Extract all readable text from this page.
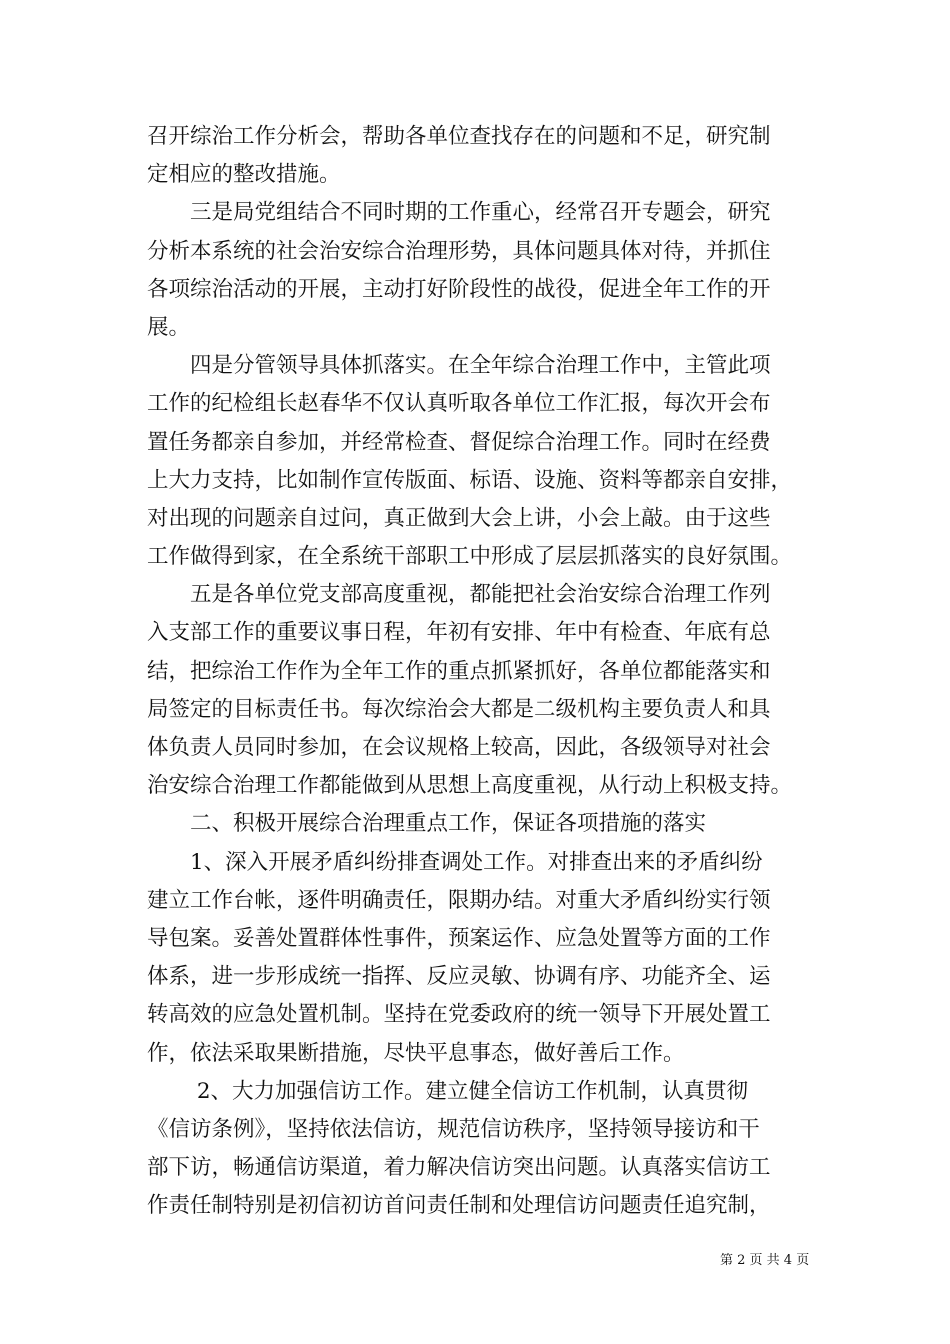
召开综治工作分析会，帮助各单位查找存在的问题和不足，研究制
定相应的整改措施。
　　三是局党组结合不同时期的工作重心，经常召开专题会，研究
分析本系统的社会治安综合治理形势，具体问题具体对待，并抓住
各项综治活动的开展，主动打好阶段性的战役，促进全年工作的开
展。
　　四是分管领导具体抓落实。在全年综合治理工作中，主管此项
工作的纪检组长赵春华不仅认真听取各单位工作汇报，每次开会布
置任务都亲自参加，并经常检查、督促综合治理工作。同时在经费
上大力支持，比如制作宣传版面、标语、设施、资料等都亲自安排，
对出现的问题亲自过问，真正做到大会上讲，小会上敲。由于这些
工作做得到家，在全系统干部职工中形成了层层抓落实的良好氛围。
　　五是各单位党支部高度重视，都能把社会治安综合治理工作列
入支部工作的重要议事日程，年初有安排、年中有检查、年底有总
结，把综治工作作为全年工作的重点抓紧抓好，各单位都能落实和
局签定的目标责任书。每次综治会大都是二级机构主要负责人和具
体负责人员同时参加，在会议规格上较高，因此，各级领导对社会
治安综合治理工作都能做到从思想上高度重视，从行动上积极支持。
　　二、积极开展综合治理重点工作，保证各项措施的落实
　　1、深入开展矛盾纠纷排查调处工作。对排查出来的矛盾纠纷
建立工作台帐，逐件明确责任，限期办结。对重大矛盾纠纷实行领
导包案。妥善处置群体性事件，预案运作、应急处置等方面的工作
体系，进一步形成统一指挥、反应灵敏、协调有序、功能齐全、运
转高效的应急处置机制。坚持在党委政府的统一领导下开展处置工
作，依法采取果断措施，尽快平息事态，做好善后工作。
　　 2、大力加强信访工作。建立健全信访工作机制，认真贯彻
《信访条例》，坚持依法信访，规范信访秩序，坚持领导接访和干
部下访，畅通信访渠道，着力解决信访突出问题。认真落实信访工
作责任制特别是初信初访首问责任制和处理信访问题责任追究制，
第 2 页 共 4 页
